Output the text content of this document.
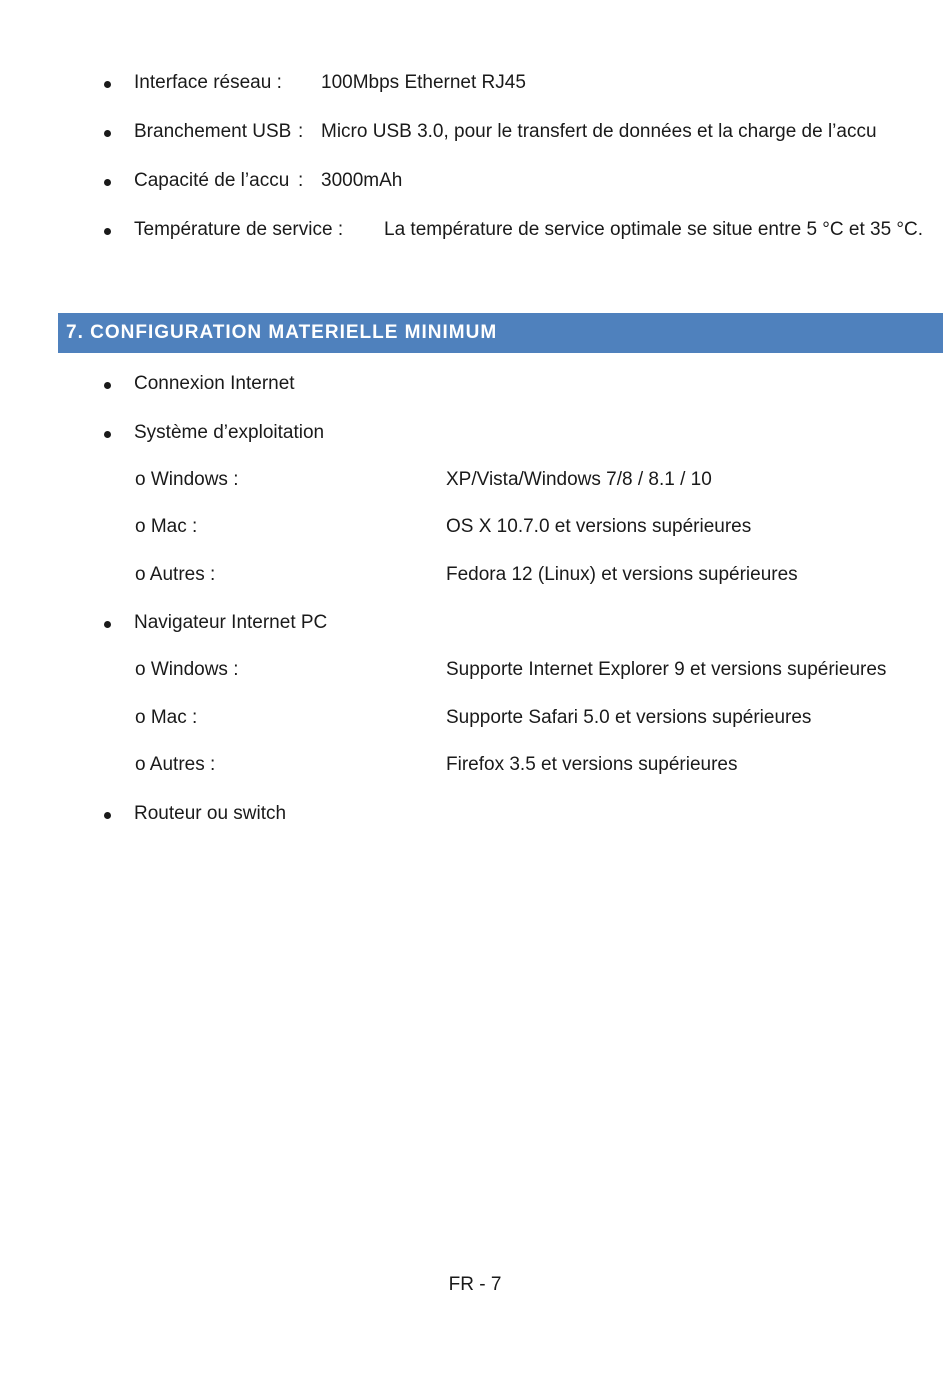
Interface réseau : 100Mbps Ethernet RJ45
Branchement USB : Micro USB 3.0, pour le transfert de données et la charge de l’accu
Capacité de l’accu : 3000mAh
Température de service : La température de service optimale se situe entre 5 °C et 35 °C.
7. CONFIGURATION MATERIELLE MINIMUM
Connexion Internet
Système d’exploitation
o Windows :	XP/Vista/Windows 7/8 / 8.1 / 10
o Mac :	OS X 10.7.0 et versions supérieures
o Autres :	Fedora 12 (Linux) et versions supérieures
Navigateur Internet PC
o Windows :	Supporte Internet Explorer 9 et versions supérieures
o Mac :	Supporte Safari 5.0 et versions supérieures
o Autres :	Firefox 3.5 et versions supérieures
Routeur ou switch
FR - 7
